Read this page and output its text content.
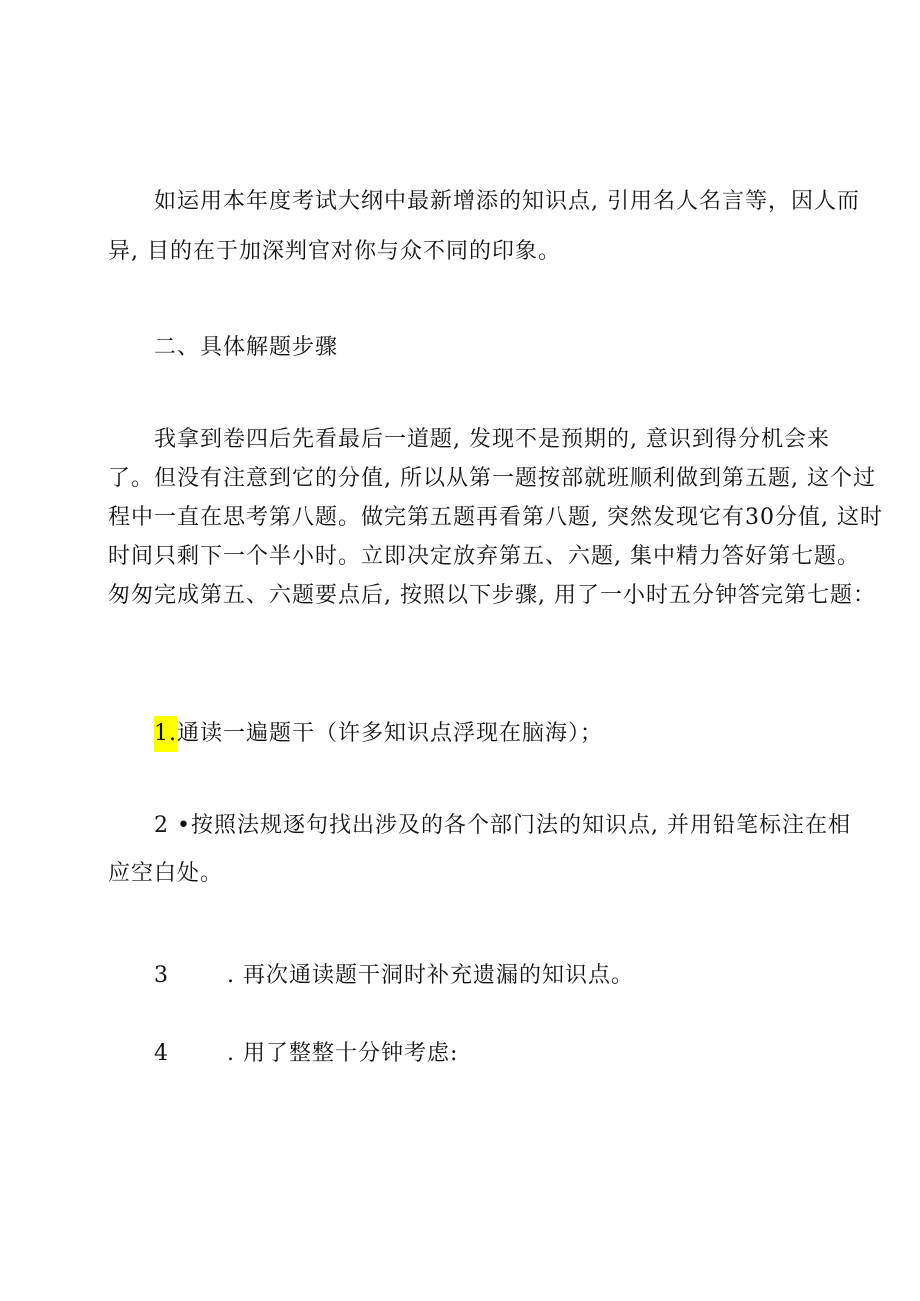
如运用本年度考试大纲中最新增添的知识点, 引用名人名言等，因人而
异, 目的在于加深判官对你与众不同的印象。

二、具体解题步骤

我拿到卷四后先看最后一道题, 发现不是预期的, 意识到得分机会来
了。但没有注意到它的分值, 所以从第一题按部就班顺利做到第五题, 这个过
程中一直在思考第八题。做完第五题再看第八题, 突然发现它有30分值, 这时
时间只剩下一个半小时。立即决定放弃第五、六题, 集中精力答好第七题。
匆匆完成第五、六题要点后, 按照以下步骤, 用了一小时五分钟答完第七题：

1.通读一遍题干（许多知识点浮现在脑海）；

2 •按照法规逐句找出涉及的各个部门法的知识点, 并用铅笔标注在相
应空白处。

3	. 再次通读题干洞时补充遗漏的知识点。
4	. 用了整整十分钟考虑:
